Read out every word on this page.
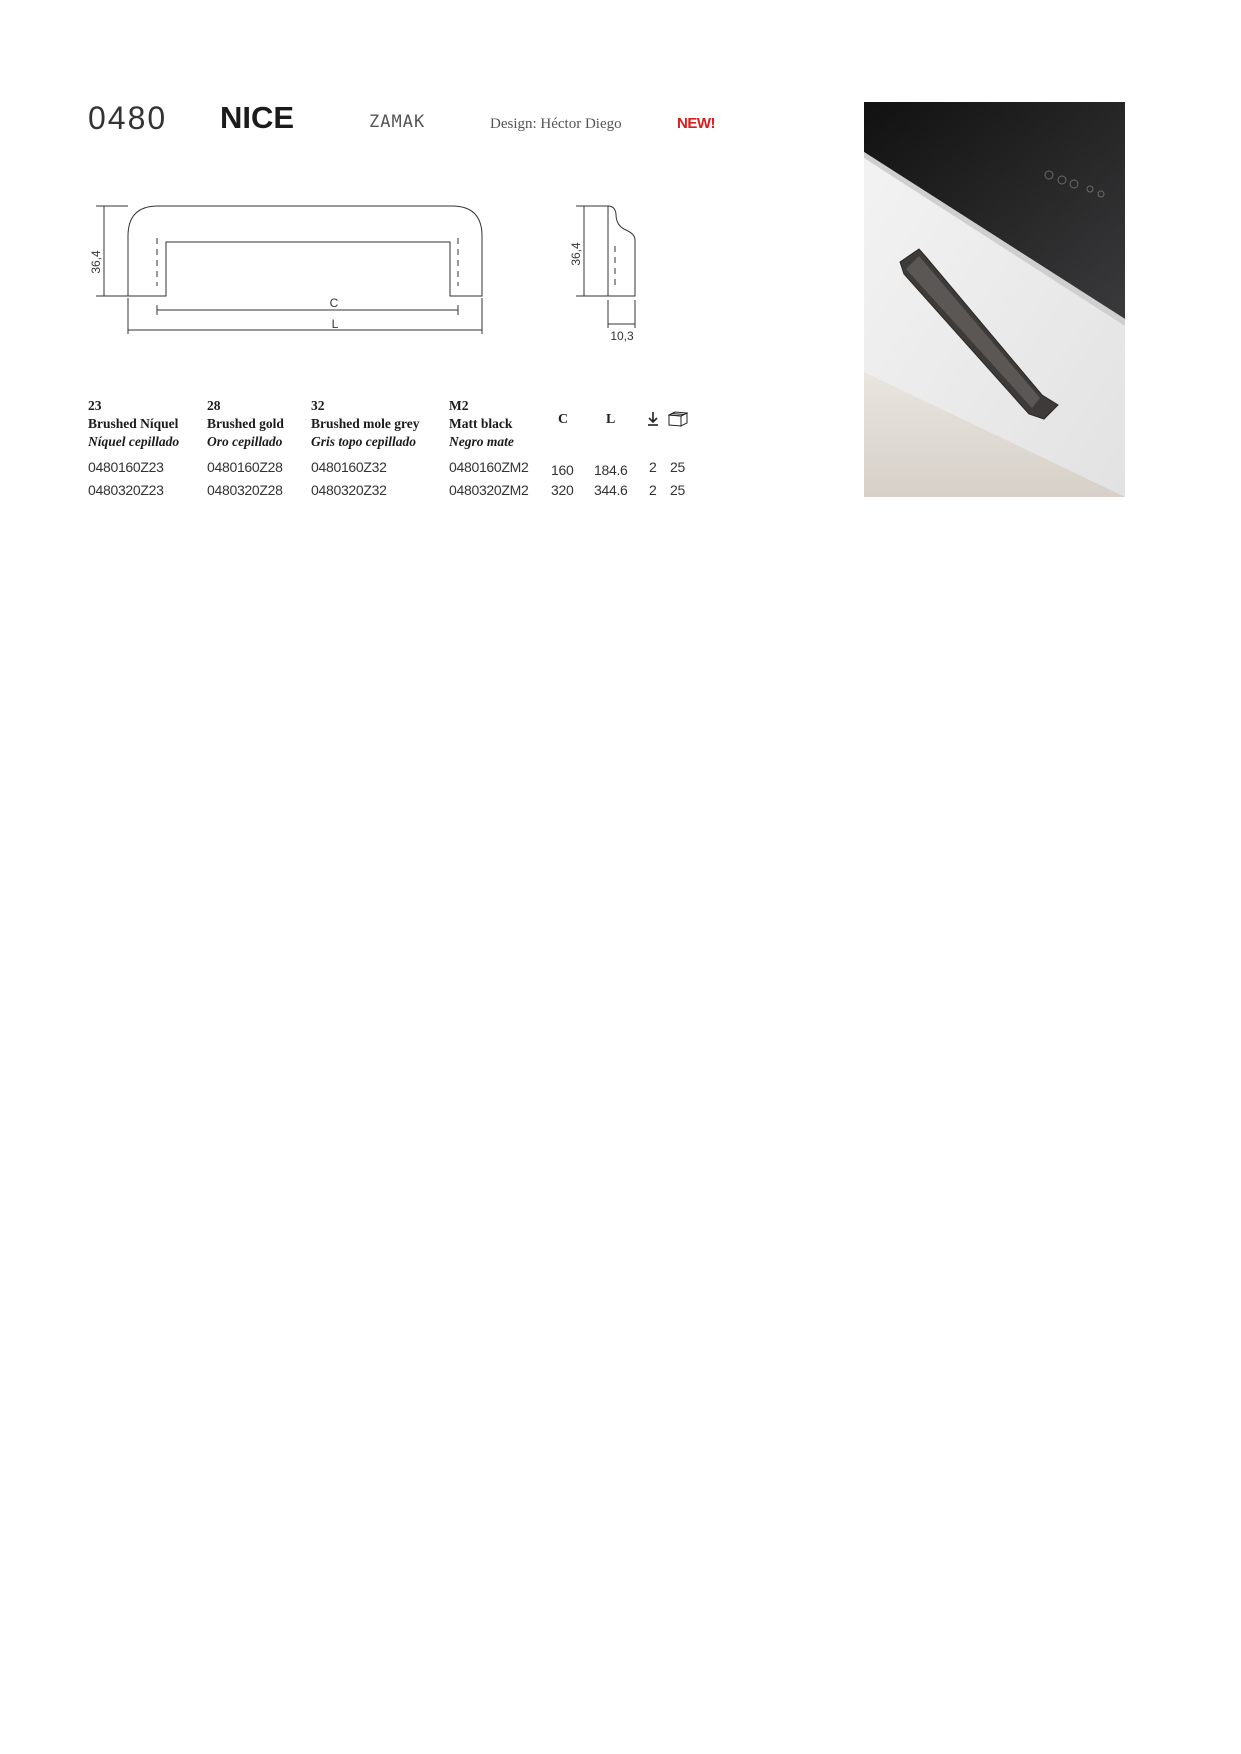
0480 NICE	ZAMAK	Design: Héctor Diego	NEW!
36,4
C
L
36,4
10,3
23
Brushed Níquel
Níquel cepillado
28
Brushed gold
Oro cepillado
32
Brushed mole grey
Gris topo cepillado
M2
Matt black
Negro mate
C	L
0480160Z23	0480160Z28 0480160Z32	0480160ZM2 160 184.6 2 25
0480320Z23	0480320Z28 0480320Z32	0480320ZM2 320 344.6 2 25
